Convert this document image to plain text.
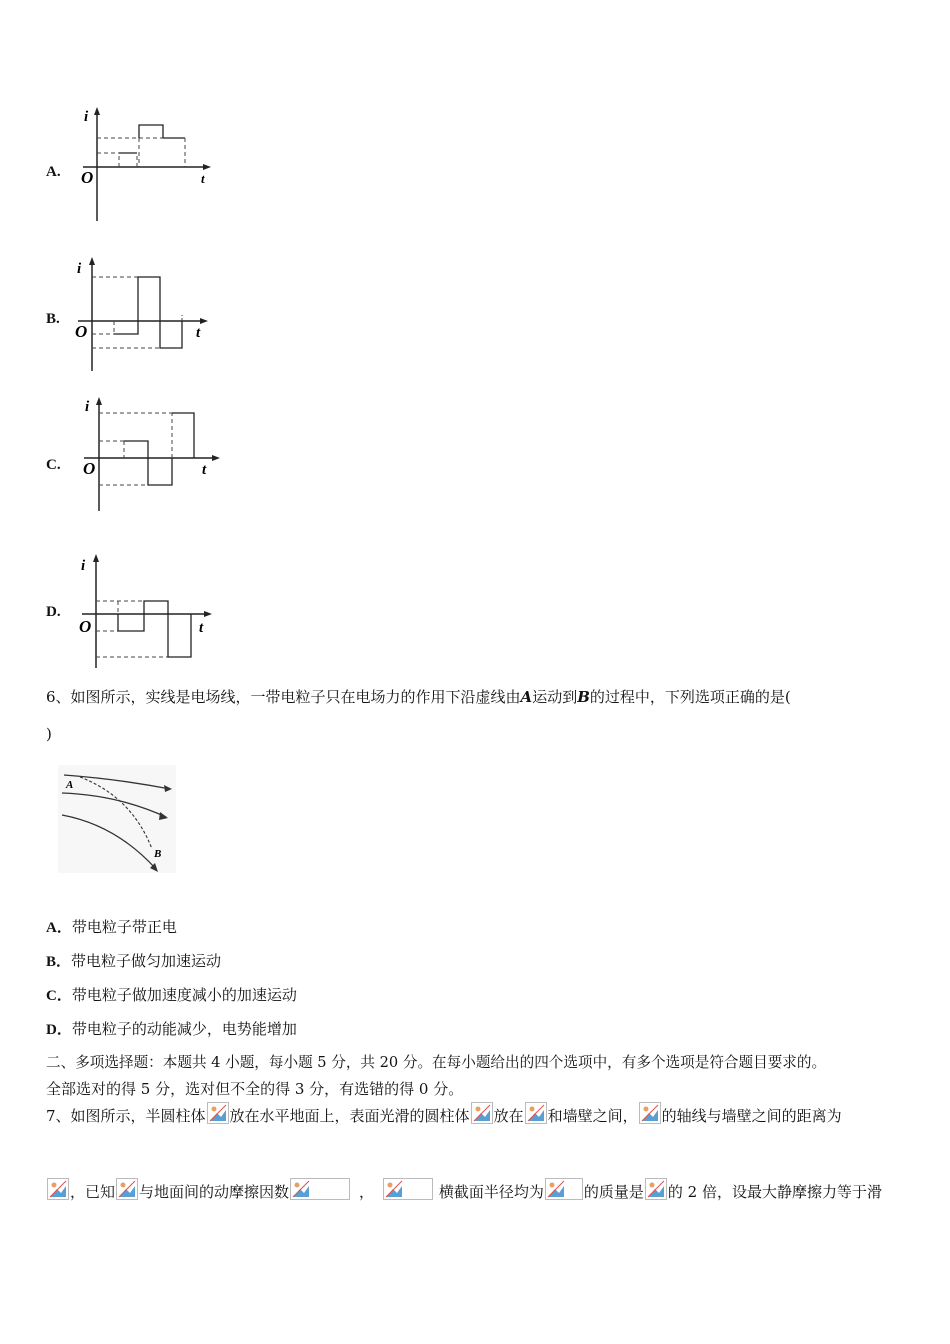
A.
i
O	t
B.
i
O	t
C.
i
O	t
D.
i
O	t
6、如图所示，实线是电场线，一带电粒子只在电场力的作用下沿虚线由A运动到B的过程中，下列选项正确的是(
)
A
B
A．带电粒子带正电
B．带电粒子做匀加速运动
C．带电粒子做加速度减小的加速运动
D．带电粒子的动能减少，电势能增加
二、多项选择题：本题共 4 小题，每小题 5 分，共 20 分。在每小题给出的四个选项中，有多个选项是符合题目要求的。
全部选对的得 5 分，选对但不全的得 3 分，有选错的得 0 分。
7、如图所示，半圆柱体 放在水平地面上，表面光滑的圆柱体 放在 和墙壁之间， 的轴线与墙壁之间的距离为
，已知 与地面间的动摩擦因数	，	横截面半径均为	的质量是 的 2 倍，设最大静摩擦力等于滑
